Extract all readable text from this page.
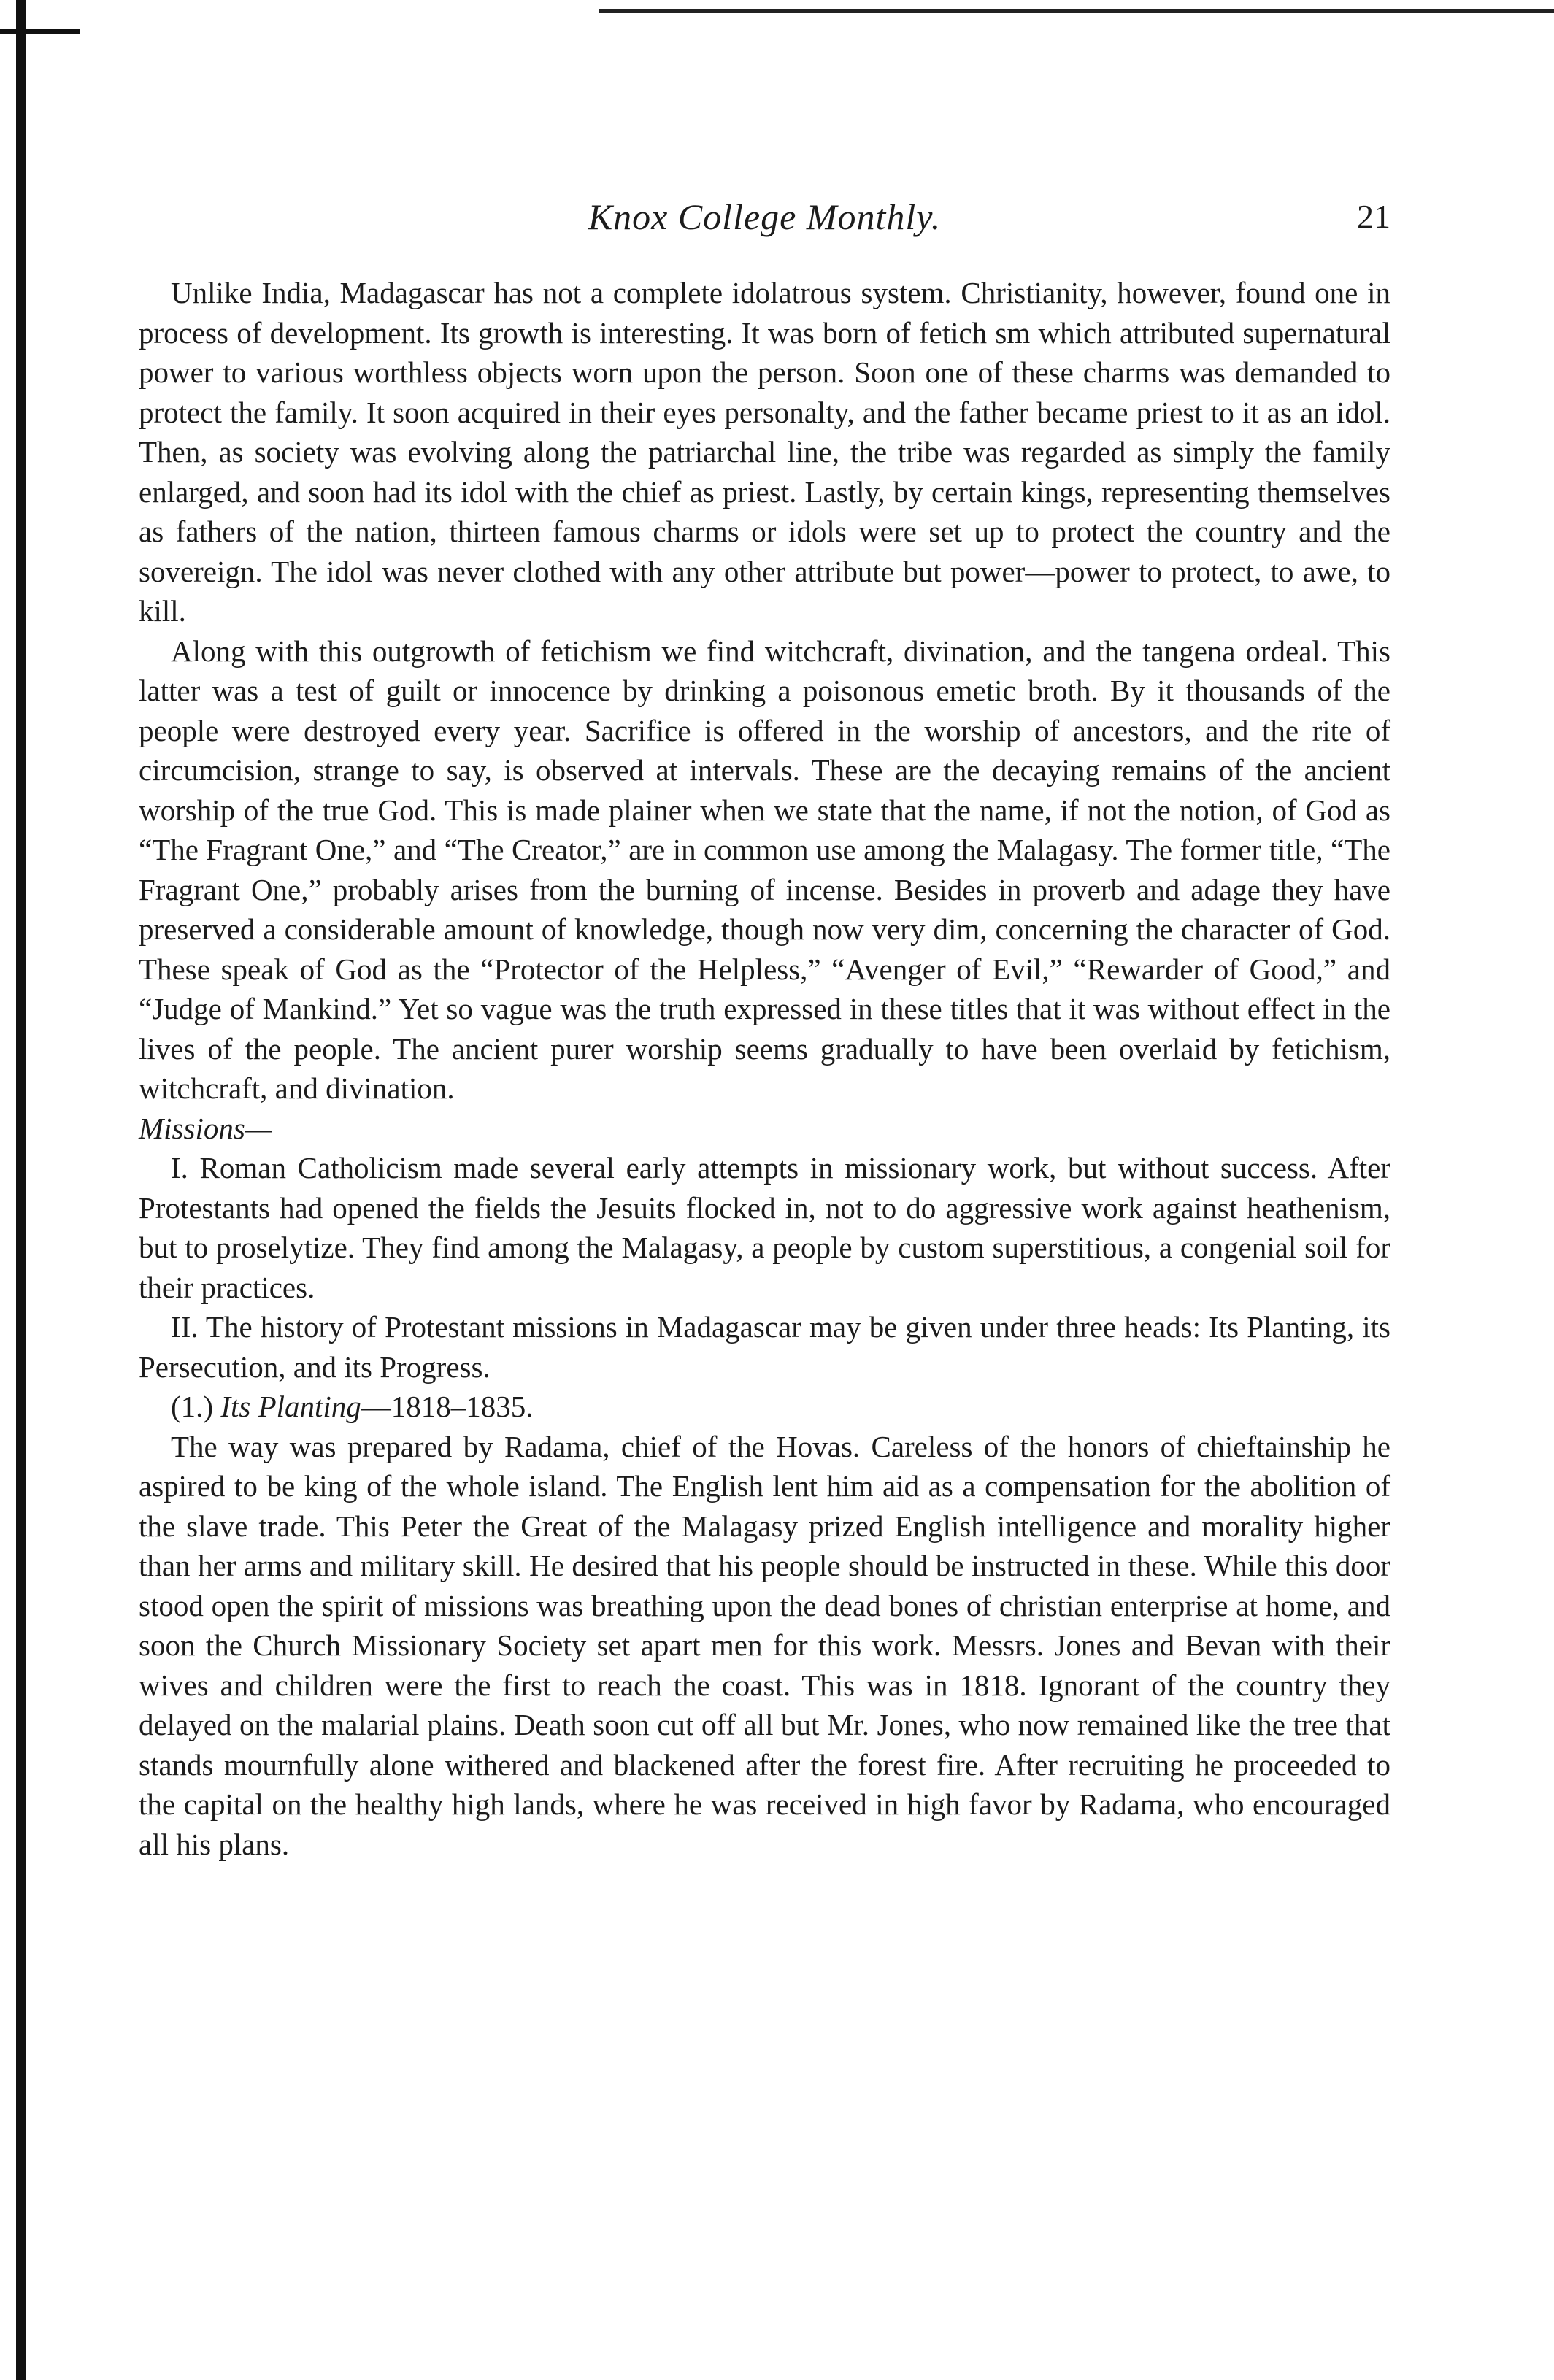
Knox College Monthly.	21

Unlike India, Madagascar has not a complete idolatrous system. Christianity, however, found one in process of development. Its growth is interesting. It was born of fetich sm which attributed supernatural power to various worthless objects worn upon the person. Soon one of these charms was demanded to protect the family. It soon acquired in their eyes personalty, and the father became priest to it as an idol. Then, as society was evolving along the patriarchal line, the tribe was regarded as simply the family enlarged, and soon had its idol with the chief as priest. Lastly, by certain kings, representing themselves as fathers of the nation, thirteen famous charms or idols were set up to protect the country and the sovereign. The idol was never clothed with any other attribute but power—power to protect, to awe, to kill.

Along with this outgrowth of fetichism we find witchcraft, divination, and the tangena ordeal. This latter was a test of guilt or innocence by drinking a poisonous emetic broth. By it thousands of the people were destroyed every year. Sacrifice is offered in the worship of ancestors, and the rite of circumcision, strange to say, is observed at intervals. These are the decaying remains of the ancient worship of the true God. This is made plainer when we state that the name, if not the notion, of God as “The Fragrant One,” and “The Creator,” are in common use among the Malagasy. The former title, “The Fragrant One,” probably arises from the burning of incense. Besides in proverb and adage they have preserved a considerable amount of knowledge, though now very dim, concerning the character of God. These speak of God as the “Protector of the Helpless,” “Avenger of Evil,” “Rewarder of Good,” and “Judge of Mankind.” Yet so vague was the truth expressed in these titles that it was without effect in the lives of the people. The ancient purer worship seems gradually to have been overlaid by fetichism, witchcraft, and divination.

Missions—

I. Roman Catholicism made several early attempts in missionary work, but without success. After Protestants had opened the fields the Jesuits flocked in, not to do aggressive work against heathenism, but to proselytize. They find among the Malagasy, a people by custom superstitious, a congenial soil for their practices.

II. The history of Protestant missions in Madagascar may be given under three heads: Its Planting, its Persecution, and its Progress.

(1.) Its Planting—1818–1835.

The way was prepared by Radama, chief of the Hovas. Careless of the honors of chieftainship he aspired to be king of the whole island. The English lent him aid as a compensation for the abolition of the slave trade. This Peter the Great of the Malagasy prized English intelligence and morality higher than her arms and military skill. He desired that his people should be instructed in these. While this door stood open the spirit of missions was breathing upon the dead bones of christian enterprise at home, and soon the Church Missionary Society set apart men for this work. Messrs. Jones and Bevan with their wives and children were the first to reach the coast. This was in 1818. Ignorant of the country they delayed on the malarial plains. Death soon cut off all but Mr. Jones, who now remained like the tree that stands mournfully alone withered and blackened after the forest fire. After recruiting he proceeded to the capital on the healthy high lands, where he was received in high favor by Radama, who encouraged all his plans.
